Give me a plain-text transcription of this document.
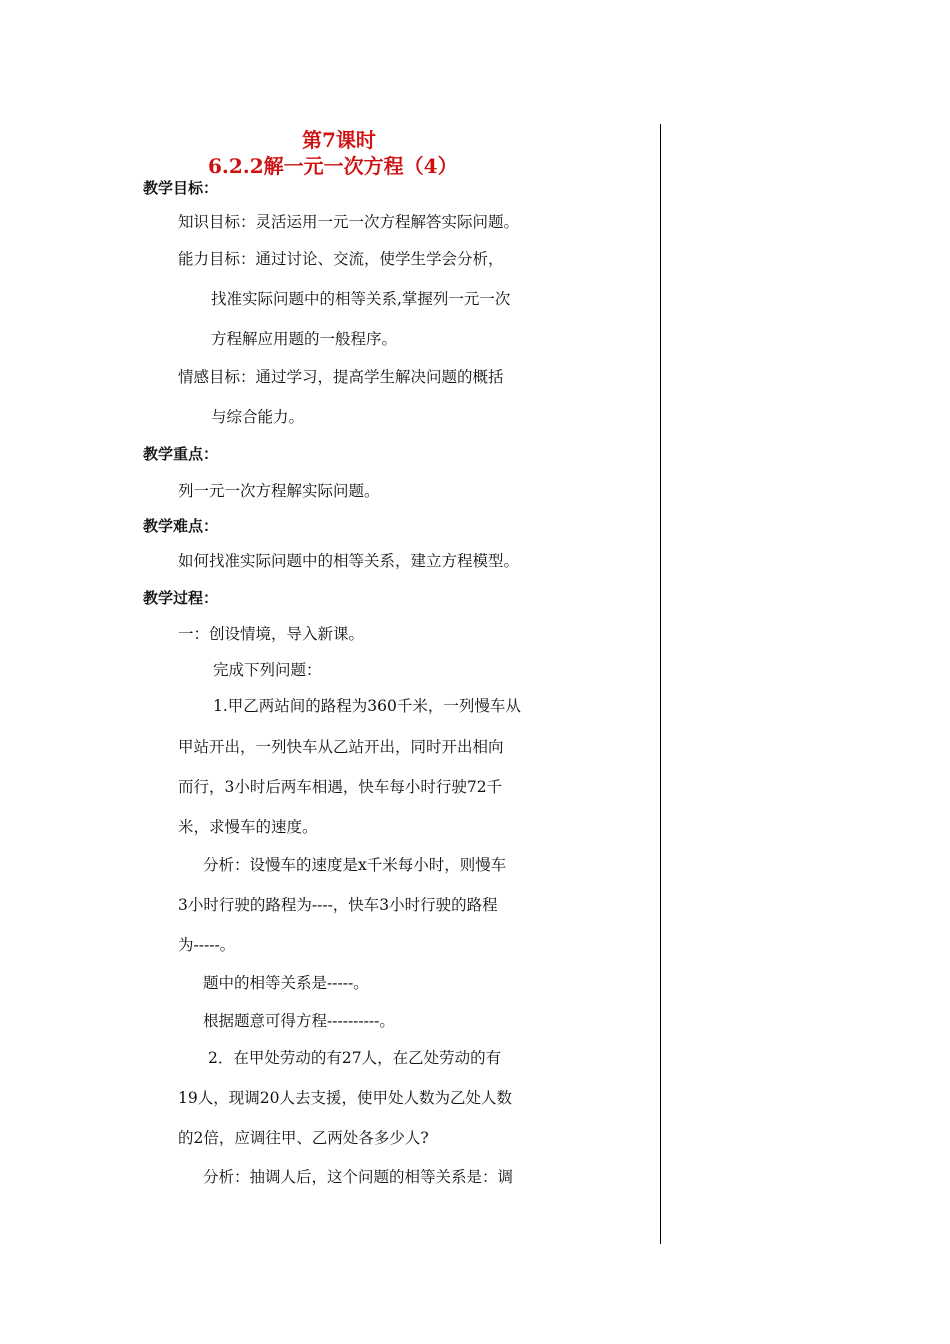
第7课时
6.2.2解一元一次方程（4）
教学目标：
知识目标：灵活运用一元一次方程解答实际问题。
能力目标：通过讨论、交流，使学生学会分析，
找准实际问题中的相等关系,掌握列一元一次
方程解应用题的一般程序。
情感目标：通过学习，提高学生解决问题的概括
与综合能力。
教学重点：
列一元一次方程解实际问题。
教学难点：
如何找准实际问题中的相等关系，建立方程模型。
教学过程：
一：创设情境，导入新课。
完成下列问题：
1.甲乙两站间的路程为360千米，一列慢车从
甲站开出，一列快车从乙站开出，同时开出相向
而行，3小时后两车相遇，快车每小时行驶72千
米，求慢车的速度。
分析：设慢车的速度是x千米每小时，则慢车
3小时行驶的路程为----，快车3小时行驶的路程
为-----。
题中的相等关系是-----。
根据题意可得方程----------。
2．在甲处劳动的有27人，在乙处劳动的有
19人，现调20人去支援，使甲处人数为乙处人数
的2倍，应调往甲、乙两处各多少人?
分析：抽调人后，这个问题的相等关系是：调
